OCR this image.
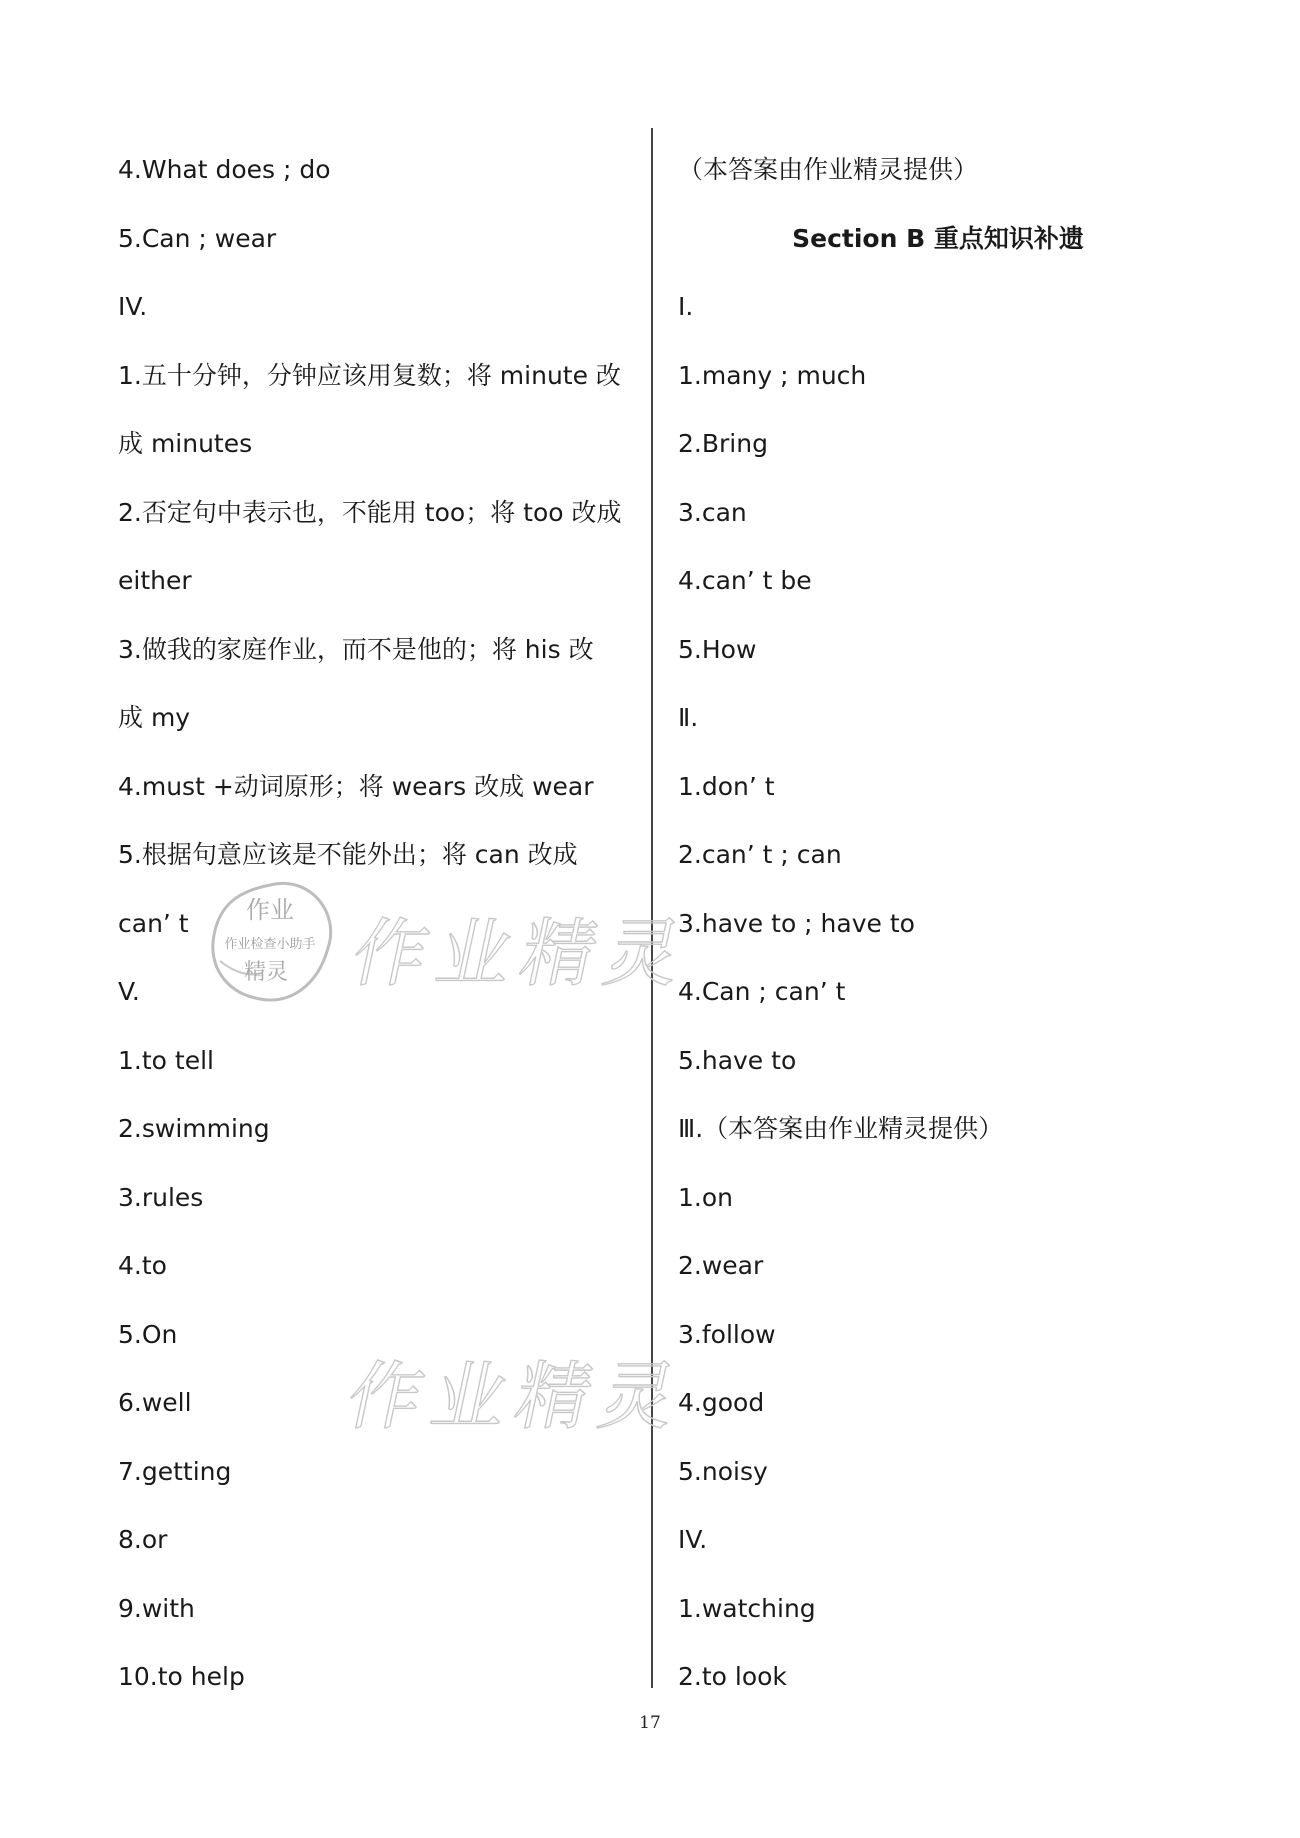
4.What does ; do
5.Can ; wear
IV.
1.五十分钟，分钟应该用复数；将 minute 改
成 minutes
2.否定句中表示也，不能用 too；将 too 改成
either
3.做我的家庭作业，而不是他的；将 his 改
成 my
4.must +动词原形；将 wears 改成 wear
5.根据句意应该是不能外出；将 can 改成
can’ t
V.
1.to tell
2.swimming
3.rules
4.to
5.On
6.well
7.getting
8.or
9.with
10.to help
（本答案由作业精灵提供）
Section B 重点知识补遗
Ⅰ.
1.many ; much
2.Bring
3.can
4.can’ t be
5.How
Ⅱ.
1.don’ t
2.can’ t ; can
3.have to ; have to
4.Can ; can’ t
5.have to
Ⅲ.（本答案由作业精灵提供）
1.on
2.wear
3.follow
4.good
5.noisy
IV.
1.watching
2.to look
作业精灵
作业精灵
作业
作业检查小助手
精灵
17
